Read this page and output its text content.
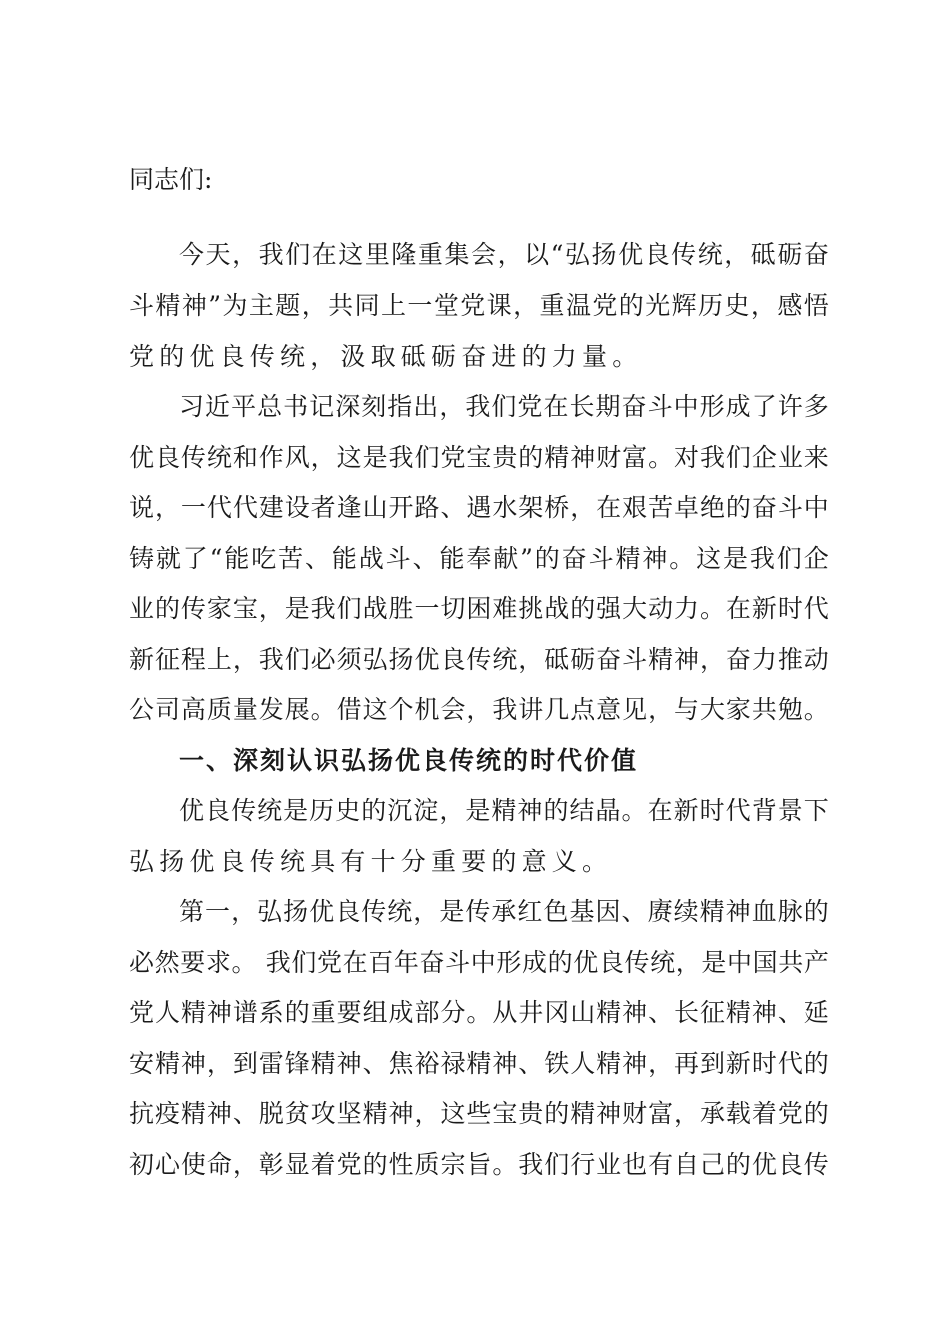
同志们:
今 天 ， 我 们 在 这 里 隆 重 集 会 ， 以 “ 弘 扬 优 良 传 统 ， 砥 砺 奋
斗 精 神 ” 为 主 题 ， 共 同 上 一 堂 党 课 ， 重 温 党 的 光 辉 历 史 ， 感 悟
党的优良传统，汲取砥砺奋进的力量。
习 近 平 总 书 记 深 刻 指 出 ， 我 们 党 在 长 期 奋 斗 中 形 成 了 许 多
优 良 传 统 和 作 风 ， 这 是 我 们 党 宝 贵 的 精 神 财 富 。 对 我 们 企 业 来
说 ， 一 代 代 建 设 者 逢 山 开 路 、 遇 水 架 桥 ， 在 艰 苦 卓 绝 的 奋 斗 中
铸 就 了 “ 能 吃 苦 、 能 战 斗 、 能 奉 献 ” 的 奋 斗 精 神 。 这 是 我 们 企
业 的 传 家 宝 ， 是 我 们 战 胜 一 切 困 难 挑 战 的 强 大 动 力 。 在 新 时 代
新 征 程 上 ， 我 们 必 须 弘 扬 优 良 传 统 ， 砥 砺 奋 斗 精 神 ， 奋 力 推 动
公 司 高 质 量 发 展 。 借 这 个 机 会 ， 我 讲 几 点 意 见 ， 与 大 家 共 勉 。
一、深刻认识弘扬优良传统的时代价值
优 良 传 统 是 历 史 的 沉 淀 ， 是 精 神 的 结 晶 。 在 新 时 代 背 景 下
弘扬优良传统具有十分重要的意义。
第 一 ， 弘 扬 优 良 传 统 ， 是 传 承 红 色 基 因 、 赓 续 精 神 血 脉 的
必 然 要 求 。
我 们 党 在 百 年 奋 斗 中 形 成 的 优 良 传 统 ， 是 中 国 共 产
党 人 精 神 谱 系 的 重 要 组 成 部 分 。 从 井 冈 山 精 神 、 长 征 精 神 、 延
安 精 神 ， 到 雷 锋 精 神 、 焦 裕 禄 精 神 、 铁 人 精 神 ， 再 到 新 时 代 的
抗 疫 精 神 、 脱 贫 攻 坚 精 神 ， 这 些 宝 贵 的 精 神 财 富 ， 承 载 着 党 的
初 心 使 命 ， 彰 显 着 党 的 性 质 宗 旨 。 我 们 行 业 也 有 自 己 的 优 良 传
